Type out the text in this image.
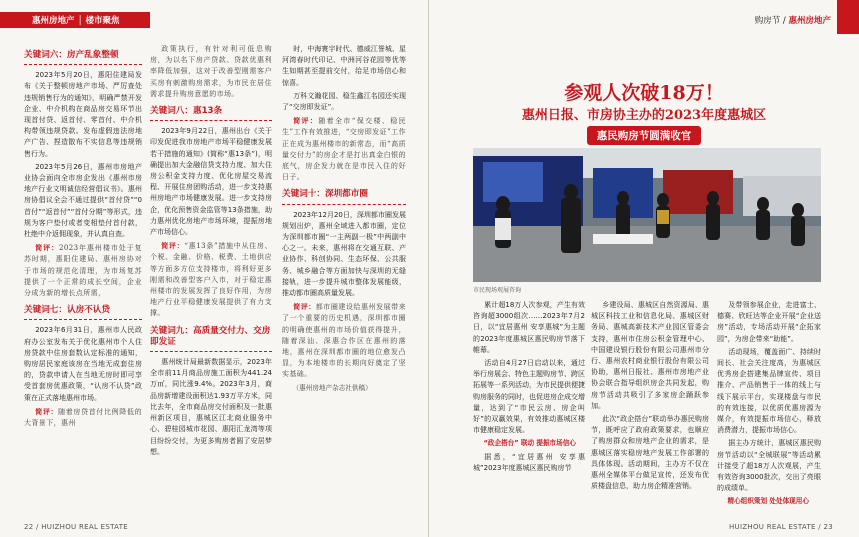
惠州房地产 │ 楼市聚焦
关键词六：房产乱象整顿

2023年5月20日，惠阳住建局发布《关于整顿房地产市场、严厉查处违规销售行为的通知》，明确严禁开发企业、中介机构在商品房交易环节出现首付贷、返首付、零首付、中介机构带领违规贷款。发布虚假违法房地产广告、捏造散布不实信息等违规销售行为。

2023年5月26日，惠州市房地产业协会面向全市房企发出《惠州市房地产行业文明诚信经营倡议书》。惠州房协倡议全会不通过提供“首付贷”“0首付”“返首付”“首付分期”等形式，违规为客户垫付或者变相垫付首付款，杜绝中介返佣现象，并认真自查。

简评：2023年惠州楼市处于复苏时期，惠阳住建局、惠州房协对于市场的规范化清理，为市场复苏提供了一个正常的成长空间，企业分成为新的增长点所需，

关键词七：认房不认贷

2023年6月31日，惠州市人民政府办公室发布关于优化惠州市个人住房贷款中住房套数认定标准的通知，购房居民家庭该房在当地无成套住房的，贷款申请人在当地无房时即可享受首套房优惠政策，“认房不认贷”政策在正式落地惠州市场。

简评：随着房贷首付比例降低的大背景下，惠州

政策执行，有针对利可低息购房，为以名下房产贷款、贷款优惠利率降低加强，这对于改善型刚需客户买房有刺激购房需求，为市民在居住需求提升购房意愿的市场。

关键词八：惠13条

2023年9月22日，惠州出台《关于印发促进我市房地产市场平稳健康发展若干措施的通知》(简称“惠13条”)，明确提出加大金融信贷支持力度、加大住房公积金支持力度、优化房屋交易流程、开展住房团购活动，进一步支持惠州房地产市场健康发展。进一步支持房企，优化预售资金监管等13条措施，助力惠州优化房地产市场环境，提振房地产市场信心。

简评：“惠13条”措施中从住房、个税、金融、价格、税费、土地供应等方面多方位支持楼市，将利好更多刚需和改善型客户入市，对于稳定惠州楼市的发展发挥了良好作用，为房地产行业平稳健康发展提供了有力支撑。

关键词九：高质量交付力、交房即发证

惠州统计局最新数据显示，2023年全市前11月商品房施工面积为441.24万㎡，同比涨9.4%。2023年3月，商品房新增建设面积达1.93万平方米，同比去年，全市商品房交付面积及一批惠州新区项目，惠城区江北商业服务中心、碧桂园城市花园、惠阳汇龙湾等项目纷纷交付，为更多购房者圆了安居梦想。

时，中海寰宇时代、德威江誉城、星河湾春时代印记、中洲河谷花园等优等生如期甚至提前交付，给足市场信心和惊喜。

万科文瀚花园、稳生鑫江名园还实现了“交房即发证”。

简评：随着全市“保交楼、稳民生”工作有效推进，“交房即发证”工作正在成为惠州楼市的新常态，而“高质量交付力”的房企才是打出真金白银的底气，房企发力就在是市民入住的好日子。

关键词十：深圳都市圈

2023年12月20日，深圳都市圈发展规划出炉，惠州全域进入都市圈，定位为深圳都市圈“一主两副一极”中两副中心之一。未来，惠州将在交通互联、产业协作、科创协同、生态环保、公共服务、城乡融合等方面加快与深圳的无缝接轨，进一步提升城市整体发展能级，推动都市圈高质量发展。

简评：都市圈建设给惠州发展带来了一个重要的历史机遇，深圳都市圈的明确使惠州的市场价值获得提升，随着深汕、深惠合作区在惠州的落地，惠州在深圳都市圈的地位愈发凸显，为本地楼市的长期向好奠定了坚实基础。

（惠州房地产杂志社供稿）

22 / HUIZHOU REAL ESTATE
购房节 / 惠州房地产
参观人次破18万！
惠州日报、市房协主办的2023年度惠城区
惠民购房节圆满收官
市民现场观展咨询

累计超18万人次参观，产生有效咨询超3000组次……2023年7月2日，以“宜居惠州 安享惠城”为主题的2023年度惠城区惠民购房节落下帷幕。

活动自4月27日启动以来，通过举行房展会、特色主题购房节、跨区拓展等一系列活动，为市民提供便捷购房服务的同时，也促进房企成交增量，达到了“市民云房、房企叫好”的双赢效果，有效推动惠城区楼市健康稳定发展。

“政企搭台” 联动 提振市场信心

据悉，“宜居惠州 安享惠城”2023年度惠城区惠民购房节

乡建设局、惠城区自然资源局、惠城区科技工业和信息化局、惠城区财务局、惠城高新技术产业园区管委会支持，惠州市住房公积金管理中心、中国建设银行股份有限公司惠州市分行、惠州农村商业银行股份有限公司协助，惠州日报社、惠州市房地产业协会联合指导组织房企共同发起，购房节活动共吸引了多家房企踊跃参加。

此次“政企搭台”联动举办惠民购房节，既呼应了政府政策要求，也顺应了购房群众和房地产企业的需求，是惠城区落实稳房地产发展工作部署的具体体现。活动期间，主办方不仅在惠州全媒体平台做足宣传，还发布优质楼盘信息，助力房企精准营销。

及带领参展企业，走进富士、德赛、欣旺达等企业开展“企业送房”活动，专场活动开展“企拓家园”，为房企带来“助能”。

活动现场，覆盖面广、持续时间长、社会关注度高，为惠城区优秀房企搭建集品牌宣传、项目推介、产品销售于一体的线上与线下展示平台，实现楼盘与市民的有效连接，以优质优惠房源为媒介，有效提振市场信心，释放消费潜力，提振市场信心。

据主办方统计，惠城区惠民购房节活动以“全城联展”等活动累计接受了超18万人次观展，产生有效咨询3000批次，交出了亮眼的成绩单。

精心组织策划 处处体现用心

HUIZHOU REAL ESTATE / 23
